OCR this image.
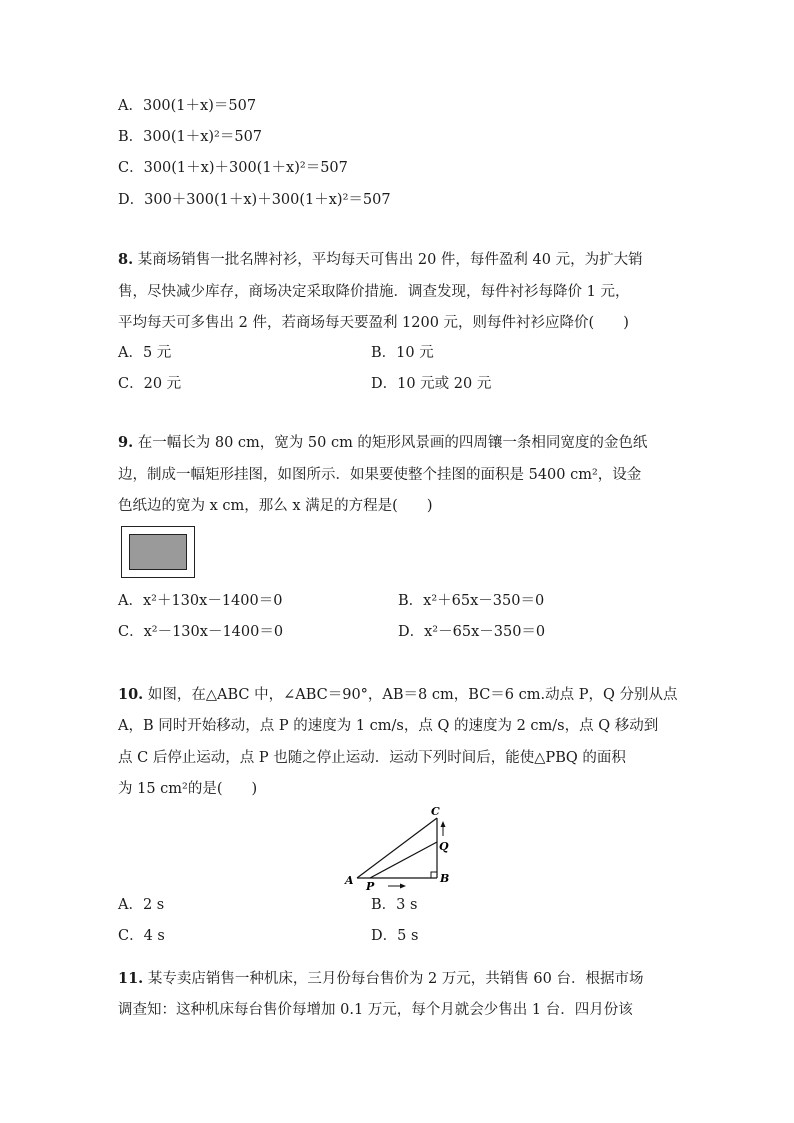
A．300(1＋x)＝507
B．300(1＋x)²＝507
C．300(1＋x)＋300(1＋x)²＝507
D．300＋300(1＋x)＋300(1＋x)²＝507
8. 某商场销售一批名牌衬衫，平均每天可售出 20 件，每件盈利 40 元，为扩大销
售，尽快减少库存，商场决定采取降价措施．调查发现，每件衬衫每降价 1 元，
平均每天可多售出 2 件，若商场每天要盈利 1200 元，则每件衬衫应降价(　　)
A．5 元	B．10 元
C．20 元	D．10 元或 20 元
9. 在一幅长为 80 cm，宽为 50 cm 的矩形风景画的四周镶一条相同宽度的金色纸
边，制成一幅矩形挂图，如图所示．如果要使整个挂图的面积是 5400 cm²，设金
色纸边的宽为 x cm，那么 x 满足的方程是(　　)
A．x²＋130x－1400＝0	B．x²＋65x－350＝0
C．x²－130x－1400＝0	D．x²－65x－350＝0
10. 如图，在△ABC 中，∠ABC＝90°，AB＝8 cm，BC＝6 cm.动点 P，Q 分别从点
A，B 同时开始移动，点 P 的速度为 1 cm/s，点 Q 的速度为 2 cm/s，点 Q 移动到
点 C 后停止运动，点 P 也随之停止运动．运动下列时间后，能使△PBQ 的面积
为 15 cm²的是(　　)
A	B
C
P
Q
A．2 s	B．3 s
C．4 s	D．5 s
11. 某专卖店销售一种机床，三月份每台售价为 2 万元，共销售 60 台．根据市场
调查知：这种机床每台售价每增加 0.1 万元，每个月就会少售出 1 台．四月份该
